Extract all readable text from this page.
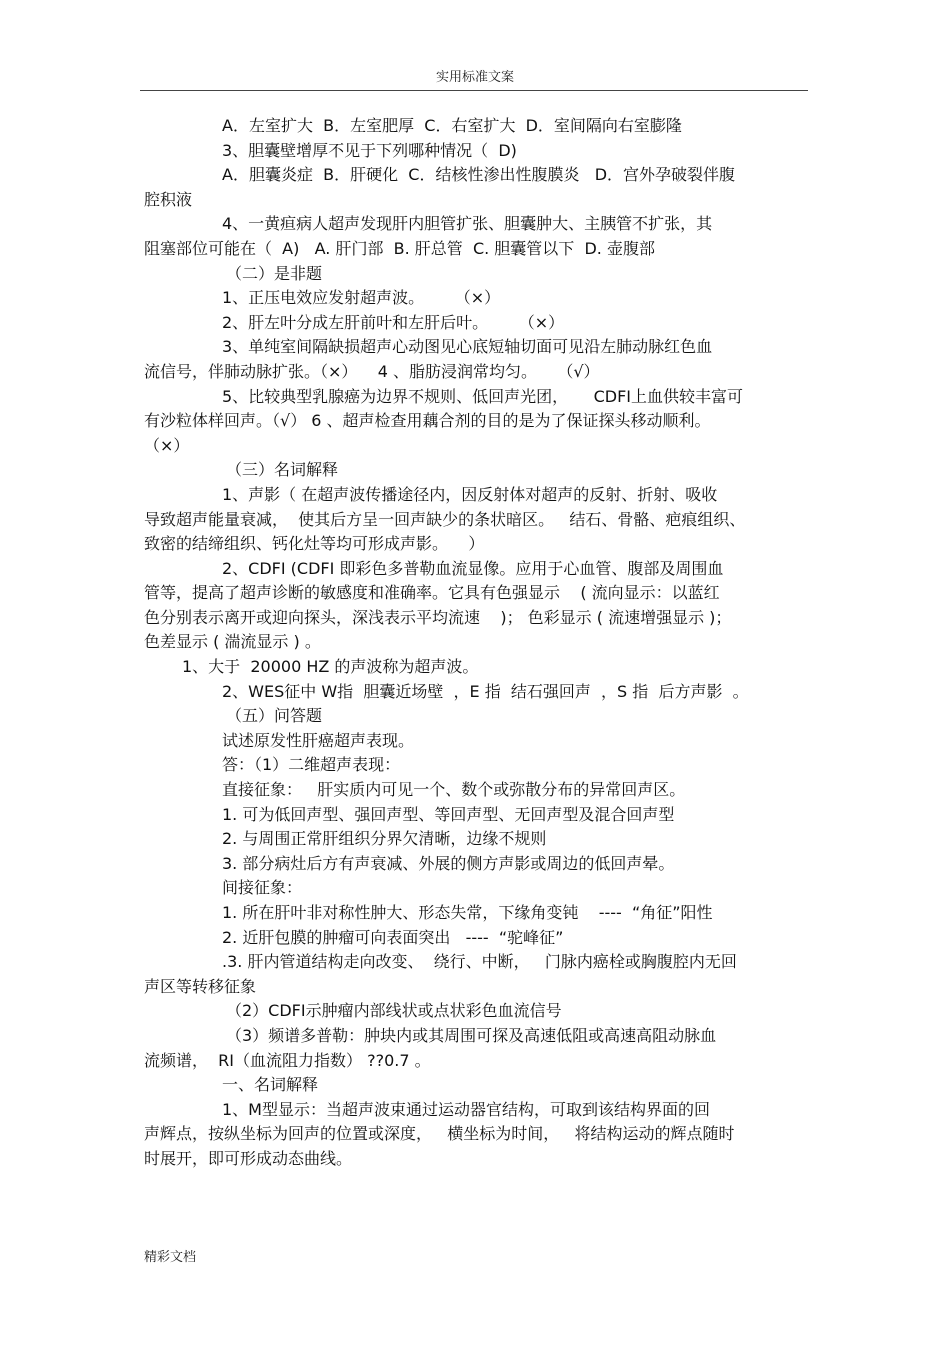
实用标准文案

A．左室扩大  B．左室肥厚  C．右室扩大  D．室间隔向右室膨隆

3、胆囊壁增厚不见于下列哪种情况（  D)

A．胆囊炎症  B．肝硬化  C．结核性渗出性腹膜炎   D．宫外孕破裂伴腹

腔积液

4、一黄疸病人超声发现肝内胆管扩张、胆囊肿大、主胰管不扩张，其

阻塞部位可能在（  A)   A. 肝门部  B. 肝总管  C. 胆囊管以下  D. 壶腹部

（二）是非题

1、正压电效应发射超声波。      （×）

2、肝左叶分成左肝前叶和左肝后叶。      （×）

3、单纯室间隔缺损超声心动图见心底短轴切面可见沿左肺动脉红色血

流信号，伴肺动脉扩张。（×）    4 、脂肪浸润常均匀。    （√）

5、比较典型乳腺癌为边界不规则、低回声光团，     CDFI上血供较丰富可

有沙粒体样回声。（√） 6 、超声检查用藕合剂的目的是为了保证探头移动顺利。

（×）

（三）名词解释

1、声影（ 在超声波传播途径内，因反射体对超声的反射、折射、吸收

导致超声能量衰减，  使其后方呈一回声缺少的条状暗区。   结石、骨骼、疤痕组织、

致密的结缔组织、钙化灶等均可形成声影。    ）

2、CDFI (CDFI 即彩色多普勒血流显像。应用于心血管、腹部及周围血

管等，提高了超声诊断的敏感度和准确率。它具有色强显示    ( 流向显示：以蓝红

色分别表示离开或迎向探头，深浅表示平均流速    )； 色彩显示 ( 流速增强显示 )；

色差显示 ( 湍流显示 ) 。

1、大于  20000 HZ 的声波称为超声波。

2、WES征中 W指  胆囊近场壁  ，E 指  结石强回声  ，S 指  后方声影  。

（五）问答题

试述原发性肝癌超声表现。

答：（1）二维超声表现：

直接征象：   肝实质内可见一个、数个或弥散分布的异常回声区。

1. 可为低回声型、强回声型、等回声型、无回声型及混合回声型

2. 与周围正常肝组织分界欠清晰，边缘不规则

3. 部分病灶后方有声衰减、外展的侧方声影或周边的低回声晕。

间接征象：

1. 所在肝叶非对称性肿大、形态失常，下缘角变钝    ----  “角征”阳性

2. 近肝包膜的肿瘤可向表面突出   ----  “驼峰征”

.3. 肝内管道结构走向改变、  绕行、中断，   门脉内癌栓或胸腹腔内无回

声区等转移征象

（2）CDFI示肿瘤内部线状或点状彩色血流信号

（3）频谱多普勒：肿块内或其周围可探及高速低阻或高速高阻动脉血

流频谱，  RI（血流阻力指数） ??0.7 。

一、名词解释

1、M型显示：当超声波束通过运动器官结构，可取到该结构界面的回

声辉点，按纵坐标为回声的位置或深度，   横坐标为时间，   将结构运动的辉点随时

时展开，即可形成动态曲线。

精彩文档
